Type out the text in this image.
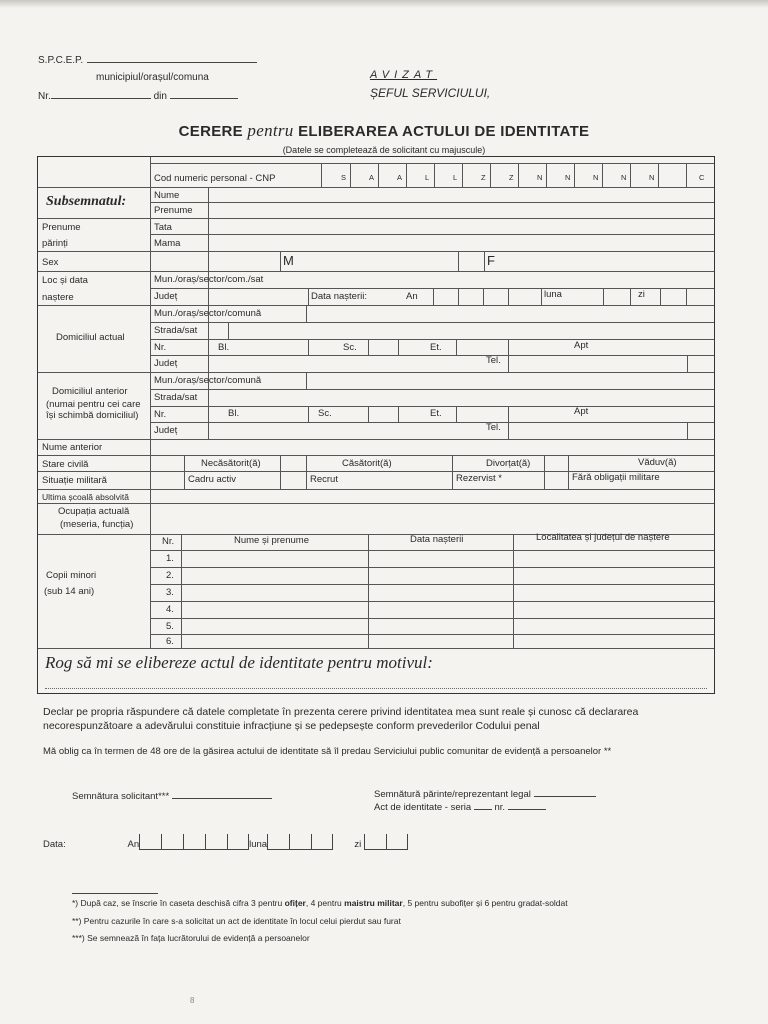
S.P.C.E.P.
municipiul/orașul/comuna
Nr.	din
AVIZAT
ȘEFUL SERVICIULUI,
CERERE pentru ELIBERAREA ACTULUI DE IDENTITATE
(Datele se completează de solicitant cu majuscule)
Cod numeric personal - CNP	S	A	A	L	L	Z	Z	N	N	N	N	N	C
Subsemnatul:	Nume
Prenume
Prenume
părinți
Tata
Mama
Sex	M	F
Loc și data
naștere
Mun./oraș/sector/com./sat
Județ	Data nașterii:	An	luna	zi
Domiciliul actual
Mun./oraș/sector/comună
Strada/sat
Nr.	Bl.	Sc.	Et.	Apt
Județ	Tel.
Domiciliul anterior
(numai pentru cei care
își schimbă domiciliul)
Mun./oraș/sector/comună
Strada/sat
Nr.	Bl.	Sc.	Et.	Apt
Județ	Tel.
Nume anterior
Stare civilă	Necăsătorit(ă)	Căsătorit(ă)	Divorțat(ă)	Văduv(ă)
Situație militară	Cadru activ	Recrut	Rezervist *	Fără obligații militare
Ultima școală absolvită
Ocupația actuală
(meseria, funcția)
Copii minori
(sub 14 ani)
Nr.	Nume și prenume	Data nașterii	Localitatea și județul de naștere
1.
2.
3.
4.
5.
6.
Rog să mi se elibereze actul de identitate pentru motivul:
Declar pe propria răspundere că datele completate în prezenta cerere privind identitatea mea sunt reale și cunosc că declararea necorespunzătoare a adevărului constituie infracțiune și se pedepsește conform prevederilor Codului penal
Mă oblig ca în termen de 48 ore de la găsirea actului de identitate să îl predau Serviciului public comunitar de evidență a persoanelor **
Semnătura solicitant***	Semnătură părinte/reprezentant legal
Act de identitate - seria nr.
Data:	An	luna	zi
*) După caz, se înscrie în caseta deschisă cifra 3 pentru ofițer, 4 pentru maistru militar, 5 pentru subofițer și 6 pentru gradat-soldat
**) Pentru cazurile în care s-a solicitat un act de identitate în locul celui pierdut sau furat
***) Se semnează în fața lucrătorului de evidență a persoanelor
8
